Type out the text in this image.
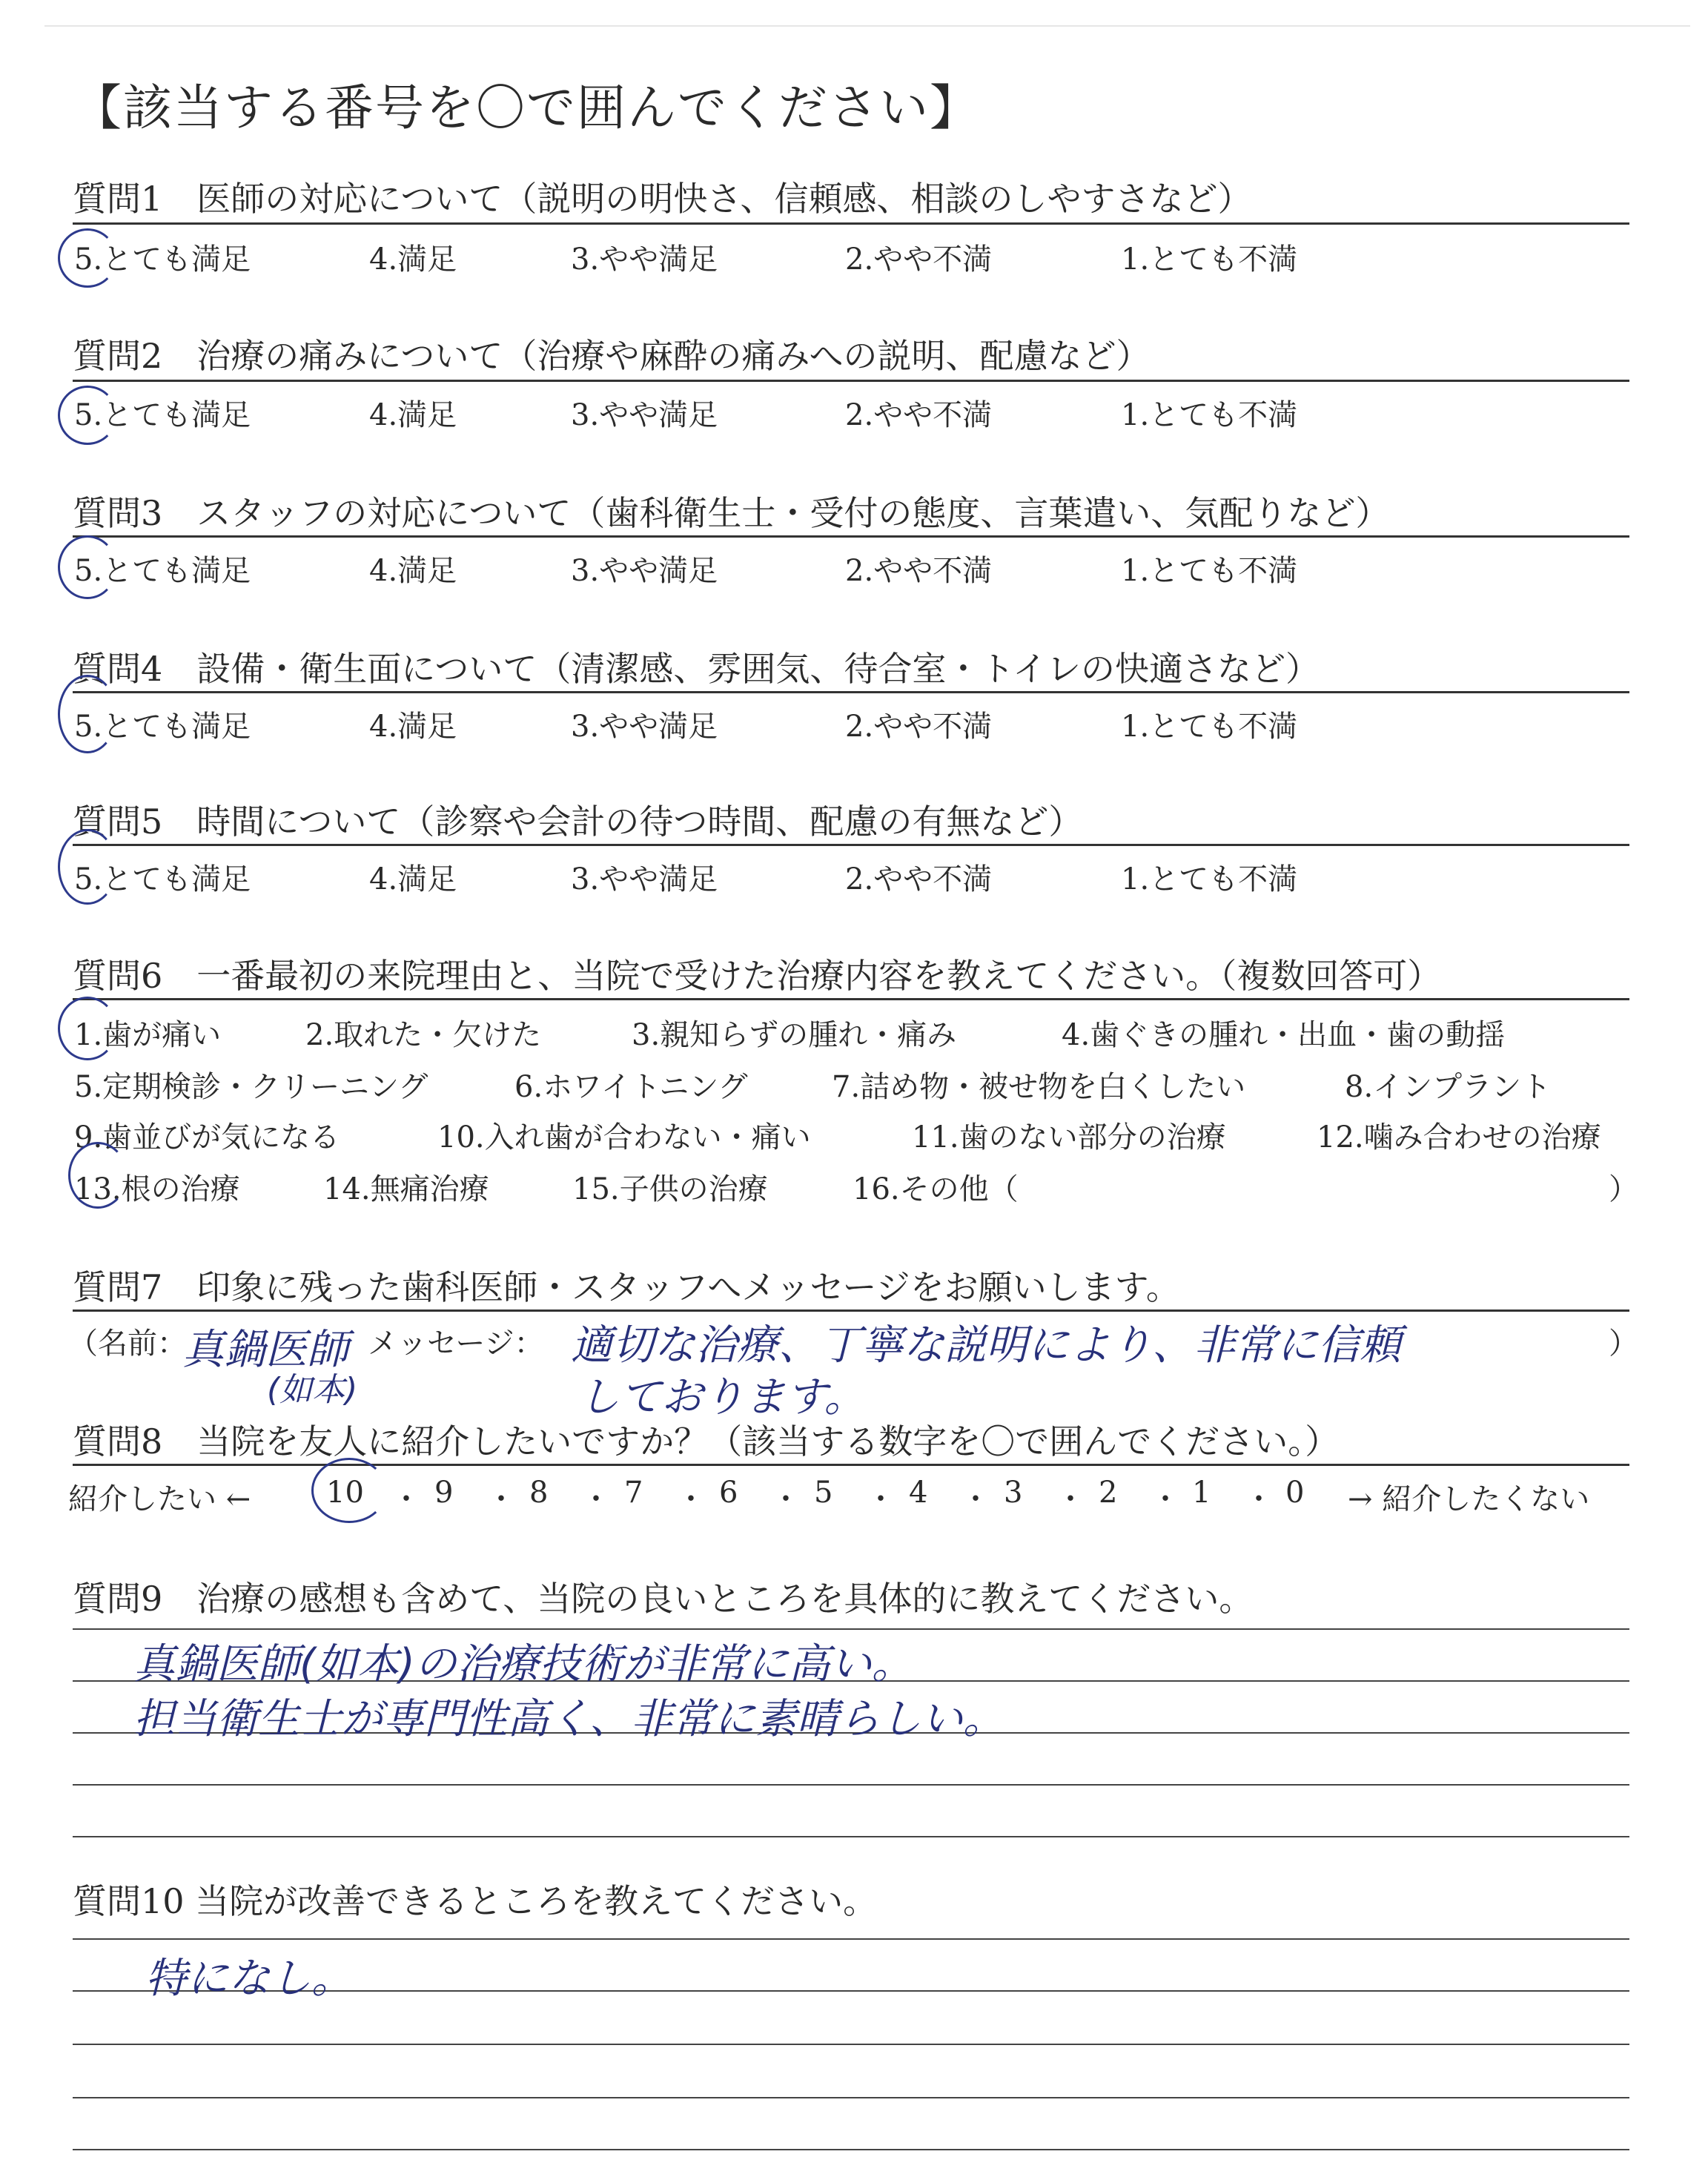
【該当する番号を〇で囲んでください】
質問1　 医師の対応について（説明の明快さ、信頼感、相談のしやすさなど）
5.とても満足	4.満足	3.やや満足	2.やや不満	1.とても不満
質問2　 治療の痛みについて（治療や麻酔の痛みへの説明、配慮など）
5.とても満足	4.満足	3.やや満足	2.やや不満	1.とても不満
質問3　 スタッフの対応について（歯科衛生士・受付の態度、言葉遣い、気配りなど）
5.とても満足	4.満足	3.やや満足	2.やや不満	1.とても不満
質問4　 設備・衛生面について（清潔感、雰囲気、待合室・トイレの快適さなど）
5.とても満足	4.満足	3.やや満足	2.やや不満	1.とても不満
質問5　 時間について（診察や会計の待つ時間、配慮の有無など）
5.とても満足	4.満足	3.やや満足	2.やや不満	1.とても不満
質問6　 一番最初の来院理由と、当院で受けた治療内容を教えてください。（複数回答可）
1.歯が痛い	2.取れた・欠けた	3.親知らずの腫れ・痛み	4.歯ぐきの腫れ・出血・歯の動揺
5.定期検診・クリーニング	6.ホワイトニング	7.詰め物・被せ物を白くしたい	8.インプラント
9.歯並びが気になる	10.入れ歯が合わない・痛い	11.歯のない部分の治療	12.噛み合わせの治療
13.根の治療	14.無痛治療	15.子供の治療	16.その他（	）
質問7　 印象に残った歯科医師・スタッフへメッセージをお願いします。
（名前：	メッセージ：	）
真鍋医師
(如本)
適切な治療、丁寧な説明により、非常に信頼
しております。
質問8　 当院を友人に紹介したいですか？（該当する数字を〇で囲んでください。）
紹介したい ←	10 9	8	7	6	5	4	3	2	1	0 → 紹介したくない
・ ・ ・ ・ ・ ・ ・ ・ ・ ・
質問9　 治療の感想も含めて、当院の良いところを具体的に教えてください。
真鍋医師(如本)の治療技術が非常に高い。
担当衛生士が専門性高く、非常に素晴らしい。
質問10 当院が改善できるところを教えてください。
特になし。
